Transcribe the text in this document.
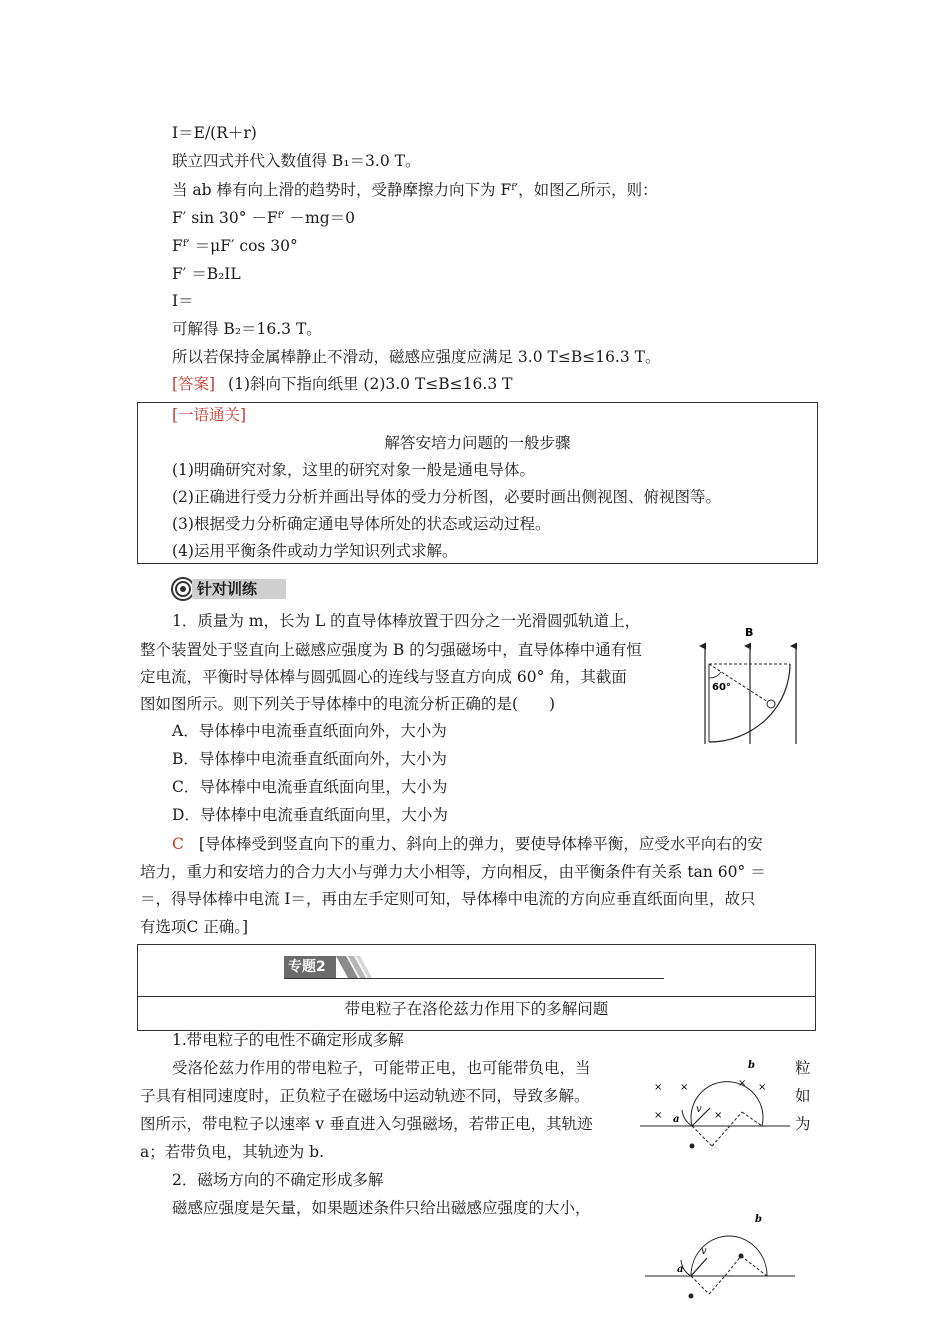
I＝E/(R＋r)
联立四式并代入数值得 B₁＝3.0 T。
当 ab 棒有向上滑的趋势时，受静摩擦力向下为 Fᶠ′，如图乙所示，则：
F′ sin 30° －Fᶠ′ －mg＝0
Fᶠ′ ＝μF′ cos 30°
F′ ＝B₂IL
I＝
可解得 B₂＝16.3 T。
所以若保持金属棒静止不滑动，磁感应强度应满足 3.0 T≤B≤16.3 T。
[答案] (1)斜向下指向纸里 (2)3.0 T≤B≤16.3 T
[一语通关]
解答安培力问题的一般步骤
(1)明确研究对象，这里的研究对象一般是通电导体。
(2)正确进行受力分析并画出导体的受力分析图，必要时画出侧视图、俯视图等。
(3)根据受力分析确定通电导体所处的状态或运动过程。
(4)运用平衡条件或动力学知识列式求解。
针对训练
1．质量为 m，长为 L 的直导体棒放置于四分之一光滑圆弧轨道上，
整个装置处于竖直向上磁感应强度为 B 的匀强磁场中，直导体棒中通有恒
定电流，平衡时导体棒与圆弧圆心的连线与竖直方向成 60° 角，其截面
图如图所示。则下列关于导体棒中的电流分析正确的是(　　)
A．导体棒中电流垂直纸面向外，大小为
B．导体棒中电流垂直纸面向外，大小为
C．导体棒中电流垂直纸面向里，大小为
D．导体棒中电流垂直纸面向里，大小为
B
60°
C [导体棒受到竖直向下的重力、斜向上的弹力，要使导体棒平衡，应受水平向右的安
培力，重力和安培力的合力大小与弹力大小相等，方向相反，由平衡条件有关系 tan 60° ＝
＝，得导体棒中电流 I＝，再由左手定则可知，导体棒中电流的方向应垂直纸面向里，故只
有选项C 正确。]
专题2
带电粒子在洛伦兹力作用下的多解问题
1.带电粒子的电性不确定形成多解
受洛伦兹力作用的带电粒子，可能带正电，也可能带负电，当
子具有相同速度时，正负粒子在磁场中运动轨迹不同，导致多解。
图所示，带电粒子以速率 v 垂直进入匀强磁场，若带正电，其轨迹
a；若带负电，其轨迹为 b.
粒
如
为
× ×	× ×
×	×
a
b
v
2．磁场方向的不确定形成多解
磁感应强度是矢量，如果题述条件只给出磁感应强度的大小，
a
b
v
